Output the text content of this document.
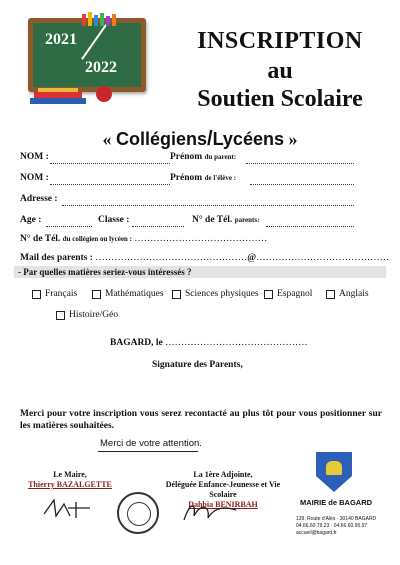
2021
2022
INSCRIPTION
au
Soutien Scolaire
« Collégiens/Lycéens »
NOM :	Prénom du parent:
NOM :	Prénom de l'élève :
Adresse :
Age :	Classe :	N° de Tél. parents:
N° de Tél. du collégien ou lycéen : ……………………………………
Mail des parents : …………………………………………@……………………………………
- Par quelles matières seriez-vous intéressés ?
Français	Mathématiques Sciences physiques Espagnol	Anglais
Histoire/Géo
BAGARD, le ………………………………………
Signature des Parents,
Merci pour votre inscription vous serez recontacté au plus tôt pour vous positionner sur les matières souhaitées.
Merci de votre attention.
Le Maire,
Thierry BAZALGETTE
La 1ère Adjointe,
Déléguée Enfance-Jeunesse et Vie Scolaire
Dahbia BENIRBAH	MAIRIE de BAGARD
139, Route d'Alès · 30140 BAGARD
04.66.60.79.23 · 04.66.60.95.97
accueil@bagard.fr
